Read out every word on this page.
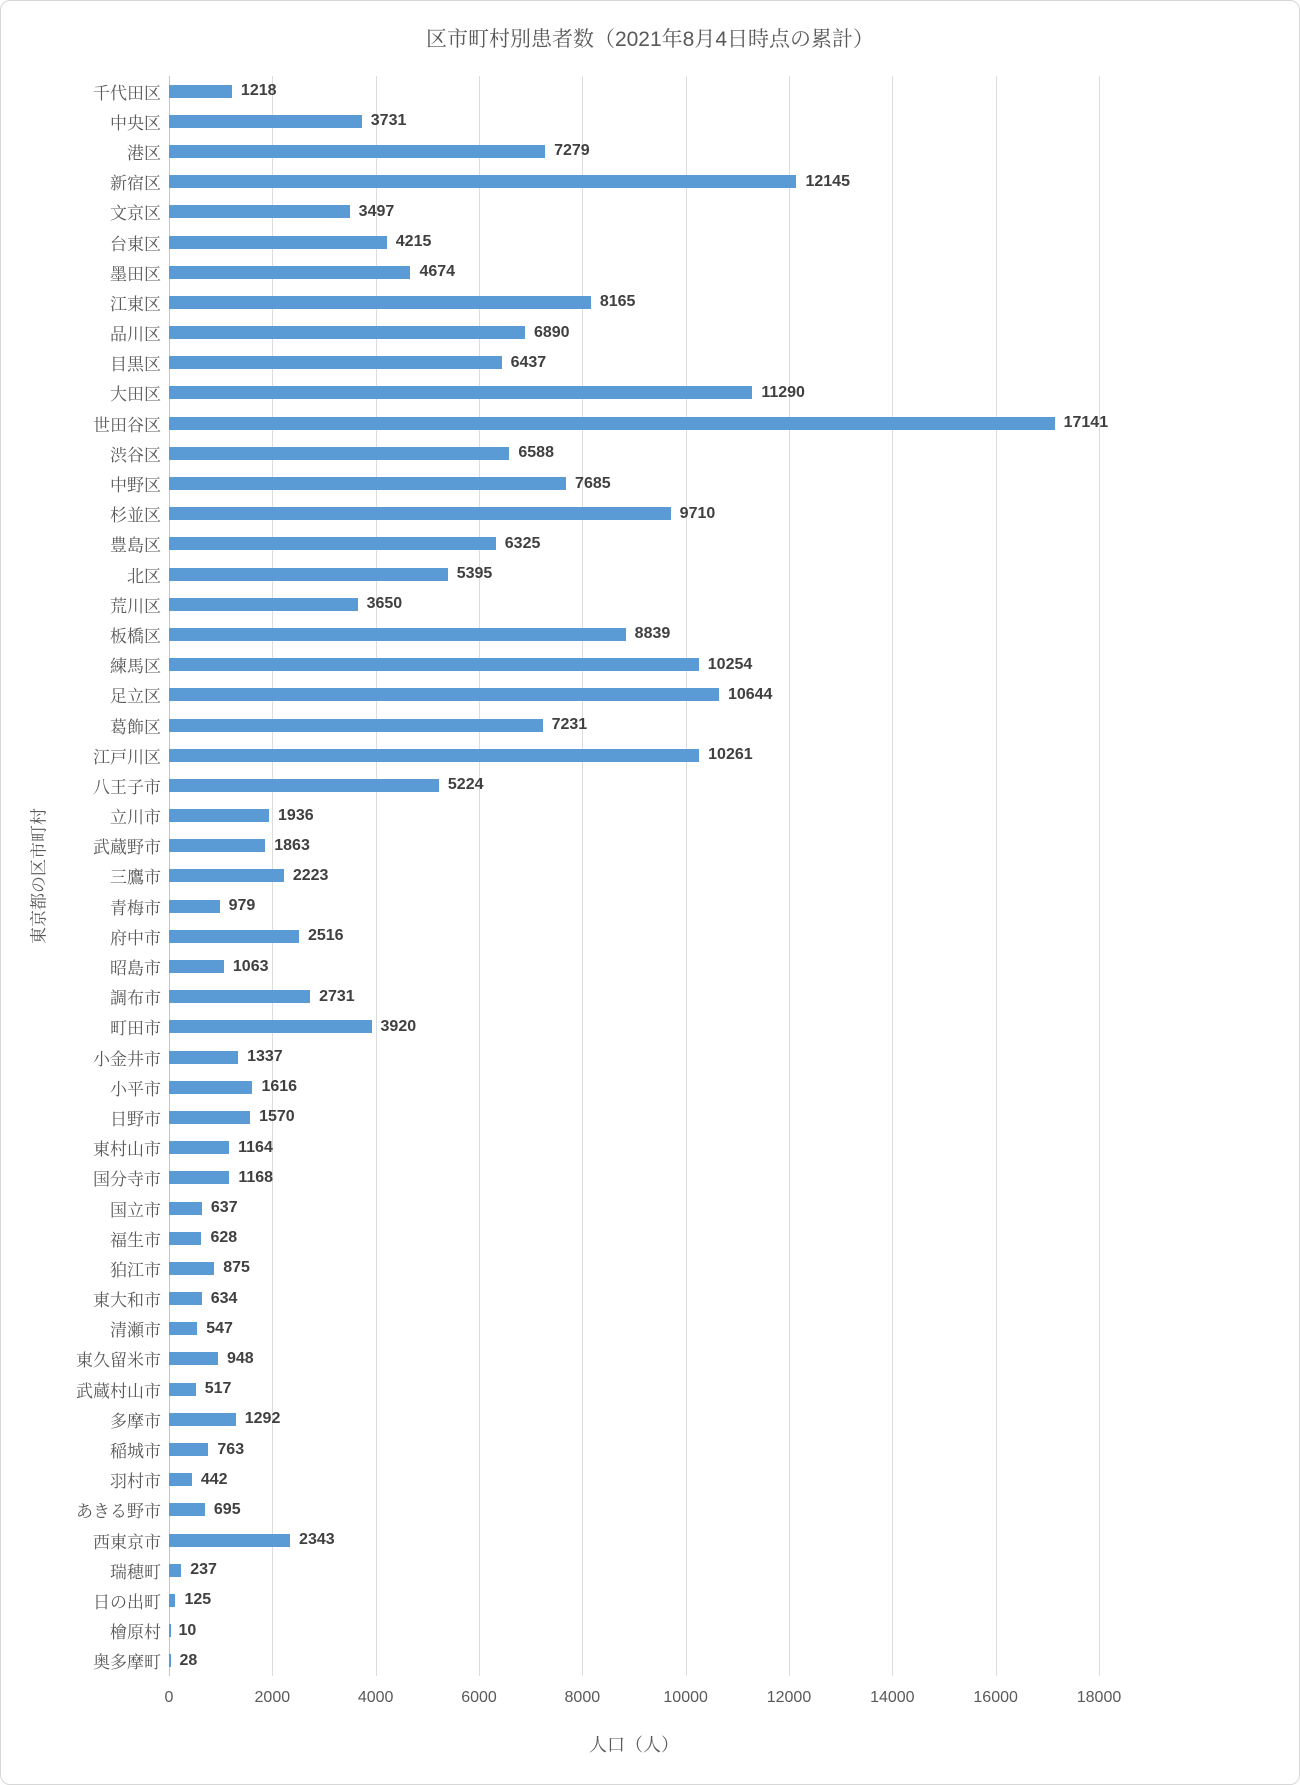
区市町村別患者数（2021年8月4日時点の累計）
東京都の区市町村
千代田区	1218
中央区	3731
港区	7279
新宿区	12145
文京区	3497
台東区	4215
墨田区	4674
江東区	8165
品川区	6890
目黒区	6437
大田区	11290
世田谷区	17141
渋谷区	6588
中野区	7685
杉並区	9710
豊島区	6325
北区	5395
荒川区	3650
板橋区	8839
練馬区	10254
足立区	10644
葛飾区	7231
江戸川区	10261
八王子市	5224
立川市	1936
武蔵野市	1863
三鷹市	2223
青梅市	979
府中市	2516
昭島市	1063
調布市	2731
町田市	3920
小金井市	1337
小平市	1616
日野市	1570
東村山市	1164
国分寺市	1168
国立市	637
福生市	628
狛江市	875
東大和市	634
清瀬市	547
東久留米市	948
武蔵村山市	517
多摩市	1292
稲城市	763
羽村市	442
あきる野市	695
西東京市	2343
瑞穂町	237
日の出町	125
檜原村	10
奥多摩町	28
0	2000	4000	6000	8000	10000	12000	14000	16000	18000
人口（人）
